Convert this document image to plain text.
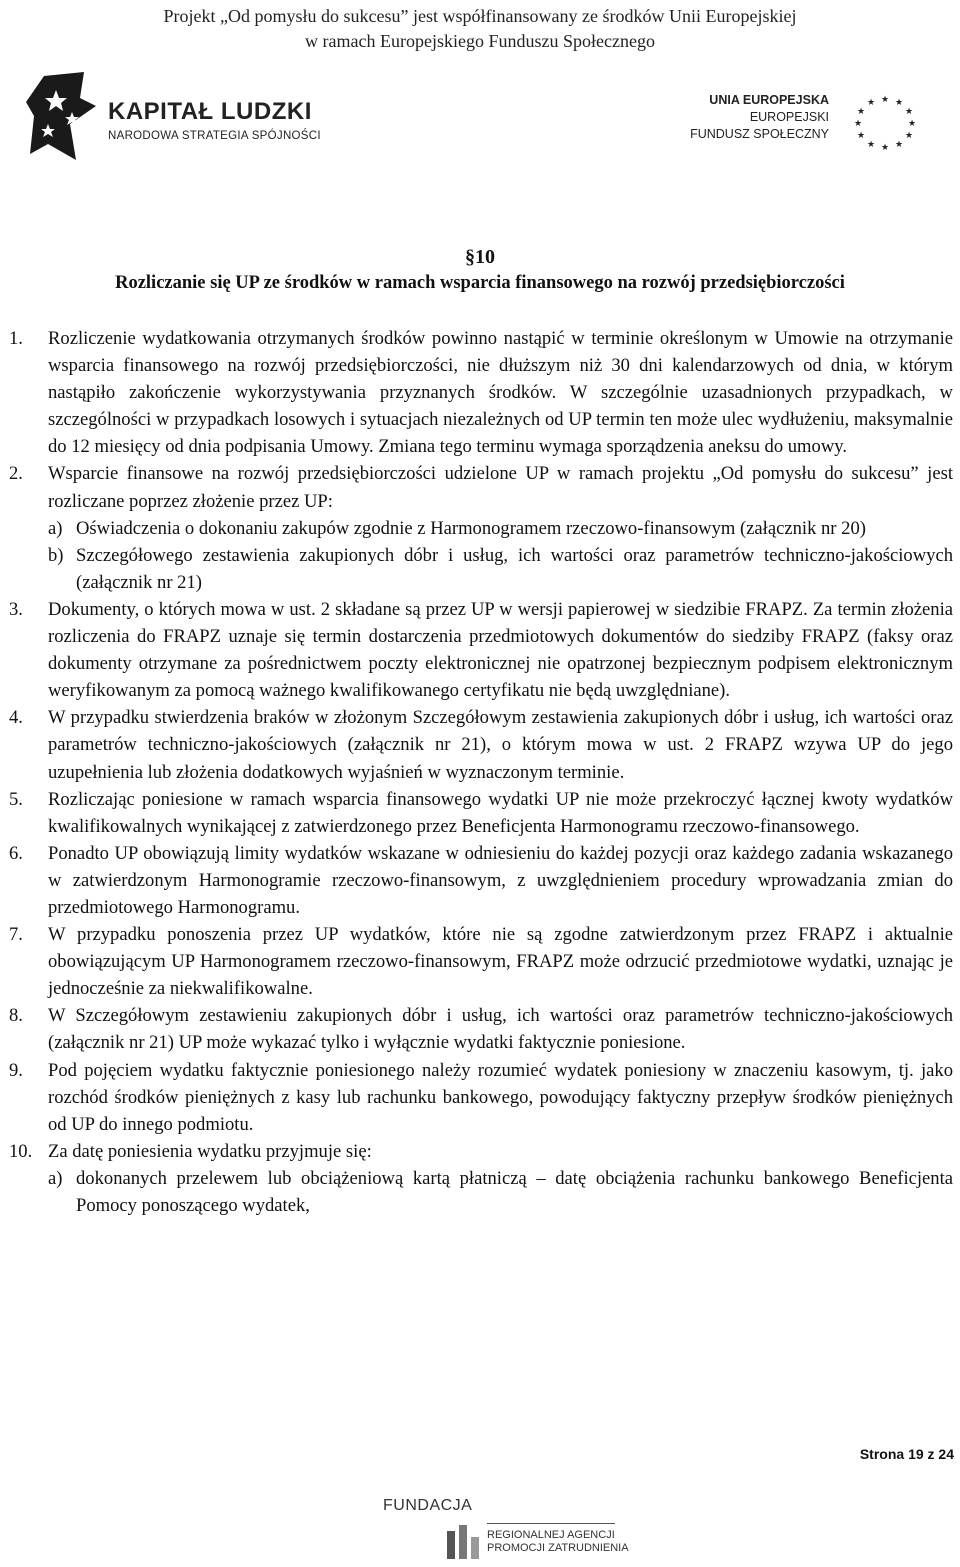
Projekt „Od pomysłu do sukcesu” jest współfinansowany ze środków Unii Europejskiej
w ramach Europejskiego Funduszu Społecznego
KAPITAŁ LUDZKI
NARODOWA STRATEGIA SPÓJNOŚCI
UNIA EUROPEJSKA
EUROPEJSKI
FUNDUSZ SPOŁECZNY
★ ★
★
★
★
★
★
★
★
★
★
★
§10
Rozliczanie się UP ze środków w ramach wsparcia finansowego na rozwój przedsiębiorczości
1. Rozliczenie wydatkowania otrzymanych środków powinno nastąpić w terminie określonym w Umowie na otrzymanie wsparcia finansowego na rozwój przedsiębiorczości, nie dłuższym niż 30 dni kalendarzowych od dnia, w którym nastąpiło zakończenie wykorzystywania przyznanych środków. W szczególnie uzasadnionych przypadkach, w szczególności w przypadkach losowych i sytuacjach niezależnych od UP termin ten może ulec wydłużeniu, maksymalnie do 12 miesięcy od dnia podpisania Umowy. Zmiana tego terminu wymaga sporządzenia aneksu do umowy.
2. Wsparcie finansowe na rozwój przedsiębiorczości udzielone UP w ramach projektu „Od pomysłu do sukcesu” jest rozliczane poprzez złożenie przez UP:
a) Oświadczenia o dokonaniu zakupów zgodnie z Harmonogramem rzeczowo-finansowym (załącznik nr 20)
b) Szczegółowego zestawienia zakupionych dóbr i usług, ich wartości oraz parametrów techniczno-jakościowych (załącznik nr 21)
3. Dokumenty, o których mowa w ust. 2 składane są przez UP w wersji papierowej w siedzibie FRAPZ. Za termin złożenia rozliczenia do FRAPZ uznaje się termin dostarczenia przedmiotowych dokumentów do siedziby FRAPZ (faksy oraz dokumenty otrzymane za pośrednictwem poczty elektronicznej nie opatrzonej bezpiecznym podpisem elektronicznym weryfikowanym za pomocą ważnego kwalifikowanego certyfikatu nie będą uwzględniane).
4. W przypadku stwierdzenia braków w złożonym Szczegółowym zestawienia zakupionych dóbr i usług, ich wartości oraz parametrów techniczno-jakościowych (załącznik nr 21), o którym mowa w ust. 2 FRAPZ wzywa UP do jego uzupełnienia lub złożenia dodatkowych wyjaśnień w wyznaczonym terminie.
5. Rozliczając poniesione w ramach wsparcia finansowego wydatki UP nie może przekroczyć łącznej kwoty wydatków kwalifikowalnych wynikającej z zatwierdzonego przez Beneficjenta Harmonogramu rzeczowo-finansowego.
6. Ponadto UP obowiązują limity wydatków wskazane w odniesieniu do każdej pozycji oraz każdego zadania wskazanego w zatwierdzonym Harmonogramie rzeczowo-finansowym, z uwzględnieniem procedury wprowadzania zmian do przedmiotowego Harmonogramu.
7. W przypadku ponoszenia przez UP wydatków, które nie są zgodne zatwierdzonym przez FRAPZ i aktualnie obowiązującym UP Harmonogramem rzeczowo-finansowym, FRAPZ może odrzucić przedmiotowe wydatki, uznając je jednocześnie za niekwalifikowalne.
8. W Szczegółowym zestawieniu zakupionych dóbr i usług, ich wartości oraz parametrów techniczno-jakościowych (załącznik nr 21) UP może wykazać tylko i wyłącznie wydatki faktycznie poniesione.
9. Pod pojęciem wydatku faktycznie poniesionego należy rozumieć wydatek poniesiony w znaczeniu kasowym, tj. jako rozchód środków pieniężnych z kasy lub rachunku bankowego, powodujący faktyczny przepływ środków pieniężnych od UP do innego podmiotu.
10. Za datę poniesienia wydatku przyjmuje się:
a) dokonanych przelewem lub obciążeniową kartą płatniczą – datę obciążenia rachunku bankowego Beneficjenta Pomocy ponoszącego wydatek,
Strona 19 z 24
FUNDACJA
REGIONALNEJ AGENCJI
PROMOCJI ZATRUDNIENIA
